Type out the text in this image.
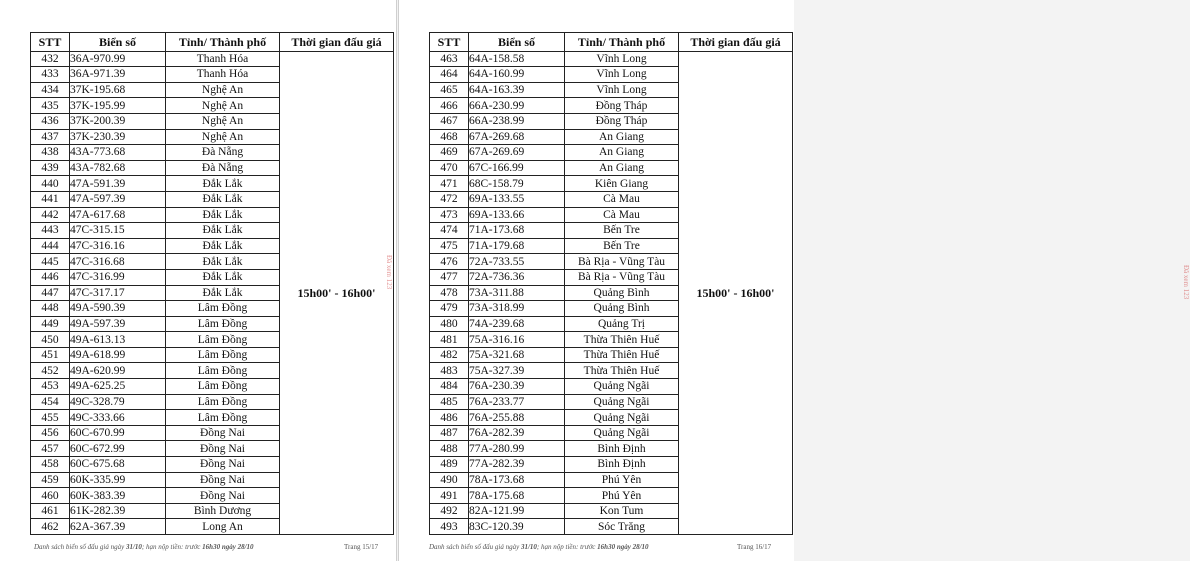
STT	Biển số	Tỉnh/ Thành phố	Thời gian đấu giá
432	36A-970.99	Thanh Hóa	15h00' - 16h00'
433	36A-971.39	Thanh Hóa	
434	37K-195.68	Nghệ An	
435	37K-195.99	Nghệ An	
436	37K-200.39	Nghệ An	
437	37K-230.39	Nghệ An	
438	43A-773.68	Đà Nẵng	
439	43A-782.68	Đà Nẵng	
440	47A-591.39	Đắk Lắk	
441	47A-597.39	Đắk Lắk	
442	47A-617.68	Đắk Lắk	
443	47C-315.15	Đắk Lắk	
444	47C-316.16	Đắk Lắk	
445	47C-316.68	Đắk Lắk	
446	47C-316.99	Đắk Lắk	
447	47C-317.17	Đắk Lắk	
448	49A-590.39	Lâm Đồng	
449	49A-597.39	Lâm Đồng	
450	49A-613.13	Lâm Đồng	
451	49A-618.99	Lâm Đồng	
452	49A-620.99	Lâm Đồng	
453	49A-625.25	Lâm Đồng	
454	49C-328.79	Lâm Đồng	
455	49C-333.66	Lâm Đồng	
456	60C-670.99	Đồng Nai	
457	60C-672.99	Đồng Nai	
458	60C-675.68	Đồng Nai	
459	60K-335.99	Đồng Nai	
460	60K-383.39	Đồng Nai	
461	61K-282.39	Bình Dương	
462	62A-367.39	Long An	
Danh sách biển số đấu giá ngày 31/10; hạn nộp tiền: trước 16h30 ngày 28/10	Trang 15/17
Đã xem 123
STT	Biển số	Tỉnh/ Thành phố	Thời gian đấu giá
463	64A-158.58	Vĩnh Long	15h00' - 16h00'
464	64A-160.99	Vĩnh Long	
465	64A-163.39	Vĩnh Long	
466	66A-230.99	Đồng Tháp	
467	66A-238.99	Đồng Tháp	
468	67A-269.68	An Giang	
469	67A-269.69	An Giang	
470	67C-166.99	An Giang	
471	68C-158.79	Kiên Giang	
472	69A-133.55	Cà Mau	
473	69A-133.66	Cà Mau	
474	71A-173.68	Bến Tre	
475	71A-179.68	Bến Tre	
476	72A-733.55	Bà Rịa - Vũng Tàu	
477	72A-736.36	Bà Rịa - Vũng Tàu	
478	73A-311.88	Quảng Bình	
479	73A-318.99	Quảng Bình	
480	74A-239.68	Quảng Trị	
481	75A-316.16	Thừa Thiên Huế	
482	75A-321.68	Thừa Thiên Huế	
483	75A-327.39	Thừa Thiên Huế	
484	76A-230.39	Quảng Ngãi	
485	76A-233.77	Quảng Ngãi	
486	76A-255.88	Quảng Ngãi	
487	76A-282.39	Quảng Ngãi	
488	77A-280.99	Bình Định	
489	77A-282.39	Bình Định	
490	78A-173.68	Phú Yên	
491	78A-175.68	Phú Yên	
492	82A-121.99	Kon Tum	
493	83C-120.39	Sóc Trăng	
Danh sách biển số đấu giá ngày 31/10; hạn nộp tiền: trước 16h30 ngày 28/10	Trang 16/17
Đã xem 123
